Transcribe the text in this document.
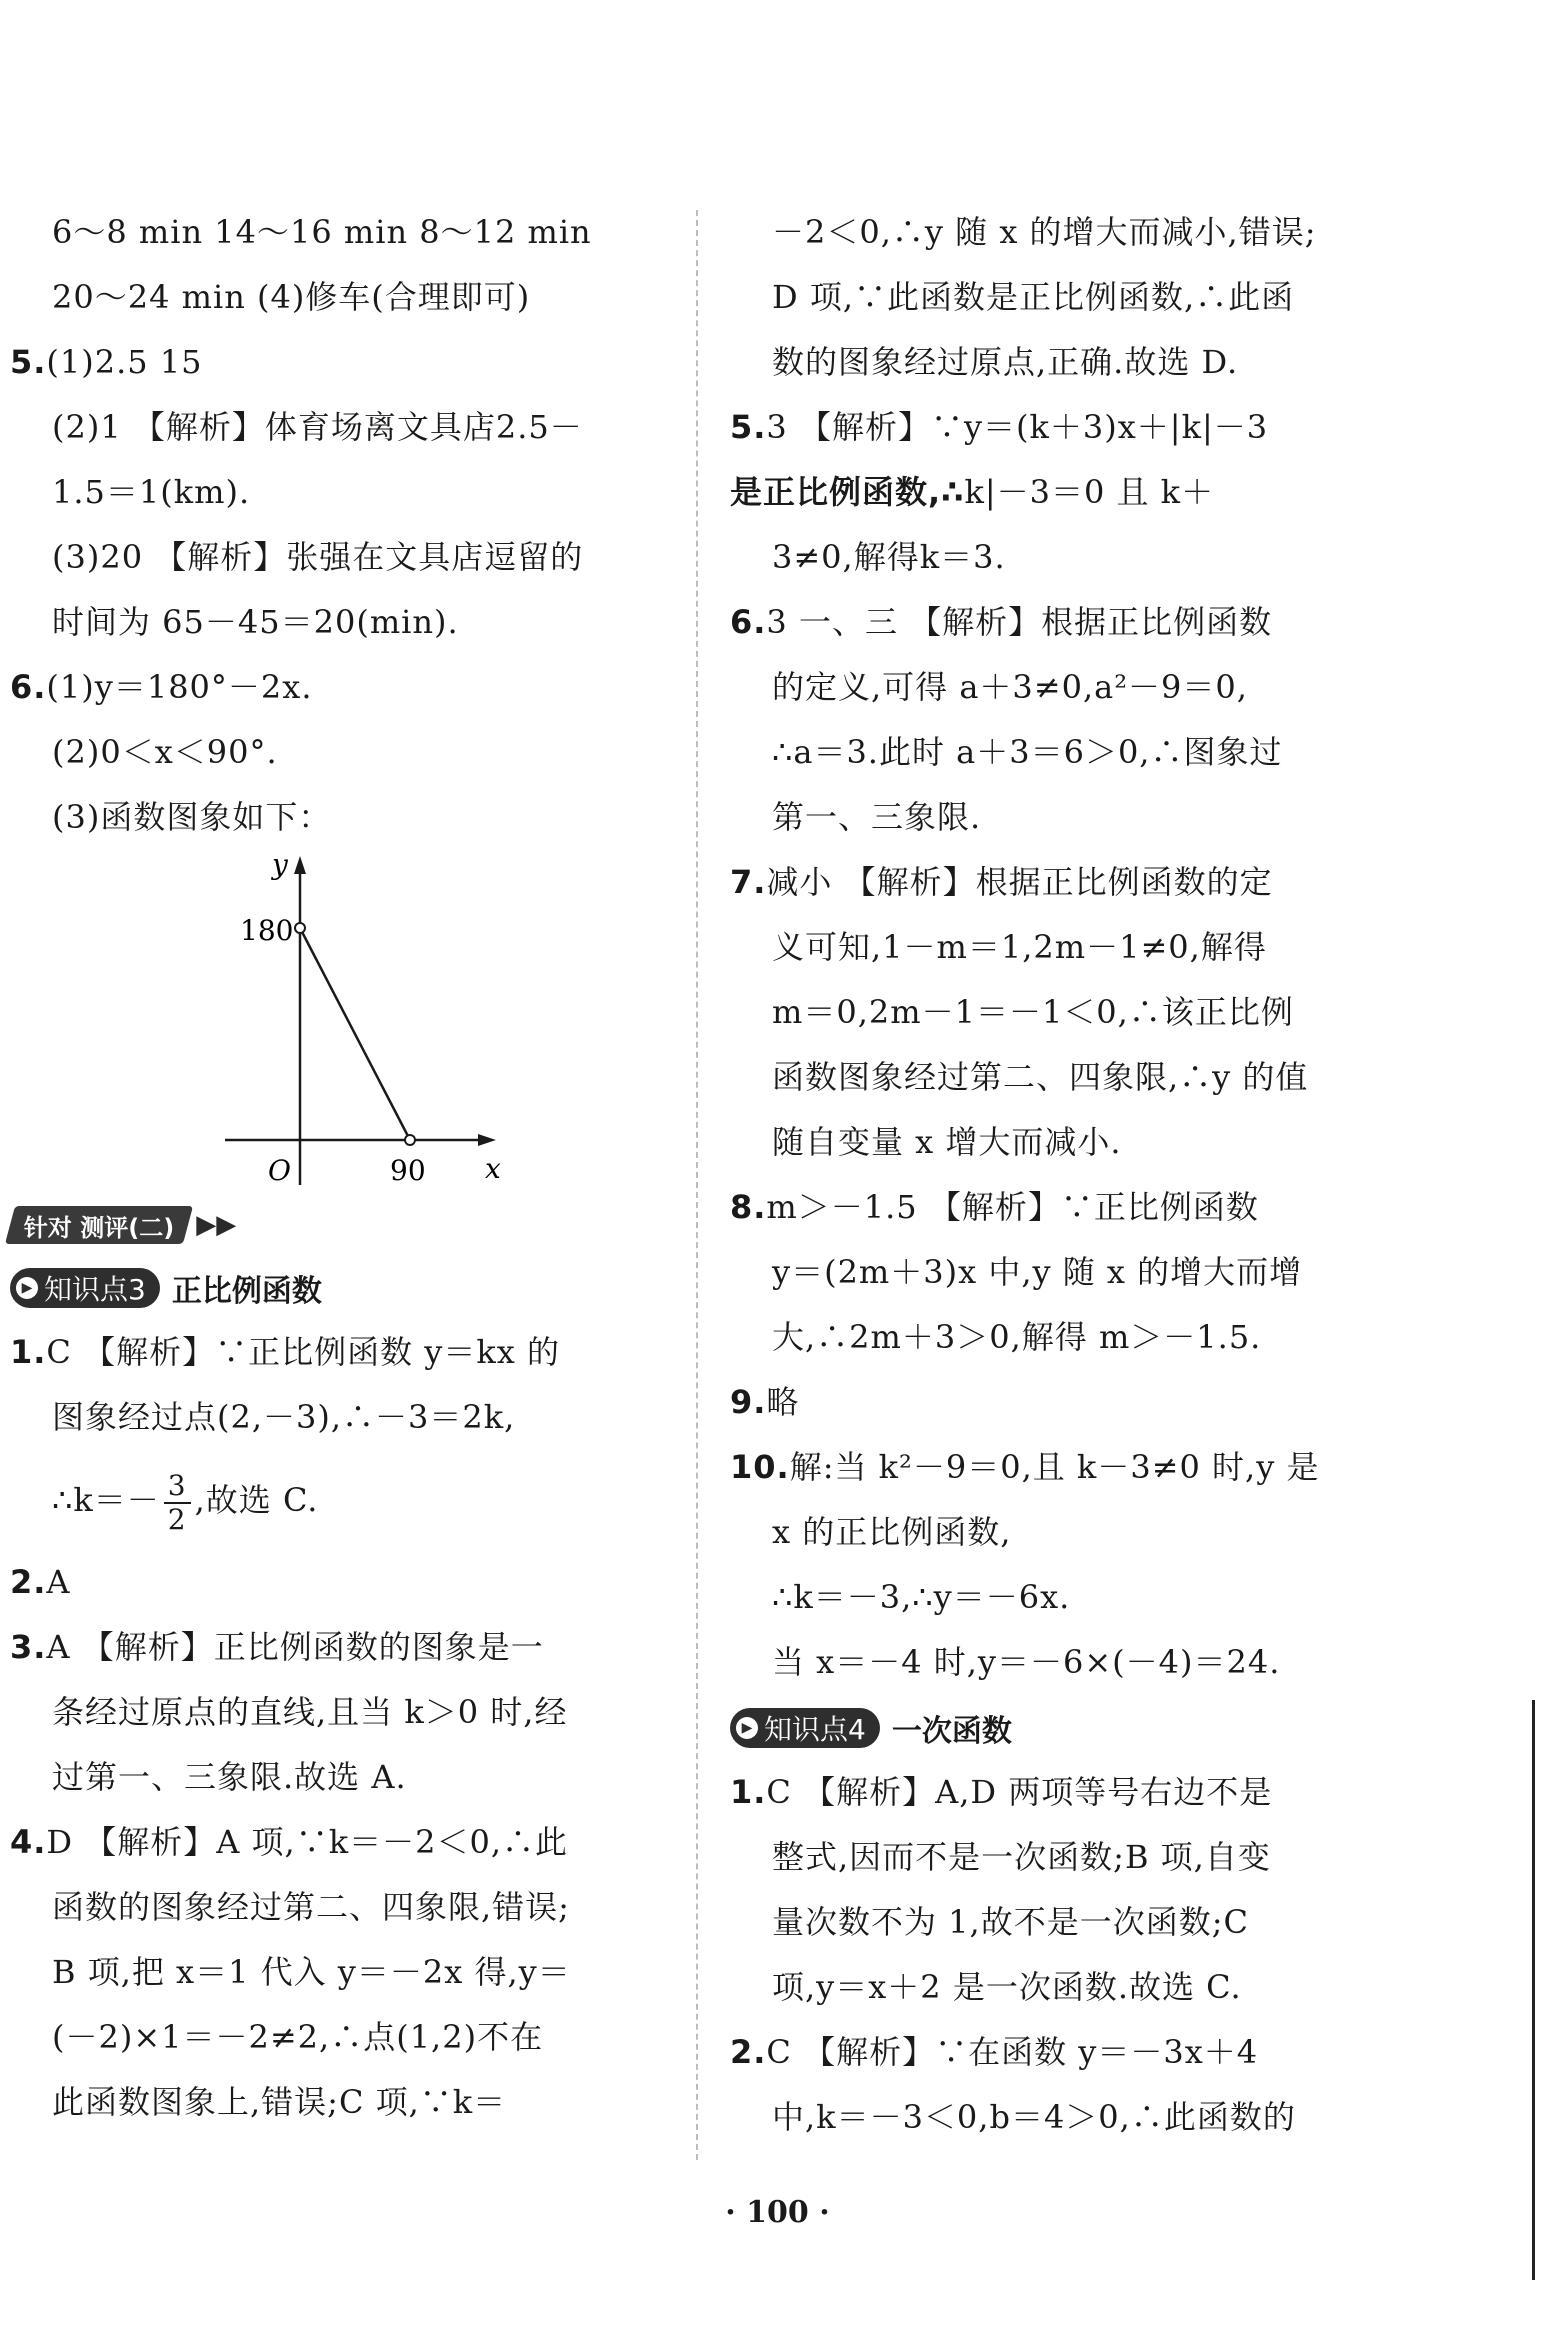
6～8 min 14～16 min 8～12 min
20～24 min (4)修车(合理即可)
5.(1)2.5 15
(2)1 【解析】体育场离文具店2.5－
1.5＝1(km).
(3)20 【解析】张强在文具店逗留的
时间为 65－45＝20(min).
6.(1)y＝180°－2x.
(2)0＜x＜90°.
(3)函数图象如下：
y
x
O
180
90
针对 测评(二) ▶▶
▶ 知识点3 正比例函数
1.C 【解析】∵正比例函数 y＝kx 的
图象经过点(2,－3),∴－3＝2k,
∴k＝－ $\frac{3}{2}$ ,故选 C.
2.A
3.A 【解析】正比例函数的图象是一
条经过原点的直线,且当 k＞0 时,经
过第一、三象限.故选 A.
4.D 【解析】A 项,∵k＝－2＜0,∴此
函数的图象经过第二、四象限,错误;
B 项,把 x＝1 代入 y＝－2x 得,y＝
(－2)×1＝－2≠2,∴点(1,2)不在
此函数图象上,错误;C 项,∵k＝
－2＜0,∴y 随 x 的增大而减小,错误;
D 项,∵此函数是正比例函数,∴此函
数的图象经过原点,正确.故选 D.
5.3 【解析】∵y＝(k＋3)x＋|k|－3
是正比例函数,∴k|－3＝0 且 k＋
3≠0,解得k＝3.
6.3 一、三 【解析】根据正比例函数
的定义,可得 a＋3≠0,a²－9＝0,
∴a＝3.此时 a＋3＝6＞0,∴图象过
第一、三象限.
7.减小 【解析】根据正比例函数的定
义可知,1－m＝1,2m－1≠0,解得
m＝0,2m－1＝－1＜0,∴该正比例
函数图象经过第二、四象限,∴y 的值
随自变量 x 增大而减小.
8.m＞－1.5 【解析】∵正比例函数
y＝(2m＋3)x 中,y 随 x 的增大而增
大,∴2m＋3＞0,解得 m＞－1.5.
9.略
10.解:当 k²－9＝0,且 k－3≠0 时,y 是
x 的正比例函数,
∴k＝－3,∴y＝－6x.
当 x＝－4 时,y＝－6×(－4)＝24.
▶ 知识点4 一次函数
1.C 【解析】A,D 两项等号右边不是
整式,因而不是一次函数;B 项,自变
量次数不为 1,故不是一次函数;C
项,y＝x＋2 是一次函数.故选 C.
2.C 【解析】∵在函数 y＝－3x＋4
中,k＝－3＜0,b＝4＞0,∴此函数的
· 100 ·
